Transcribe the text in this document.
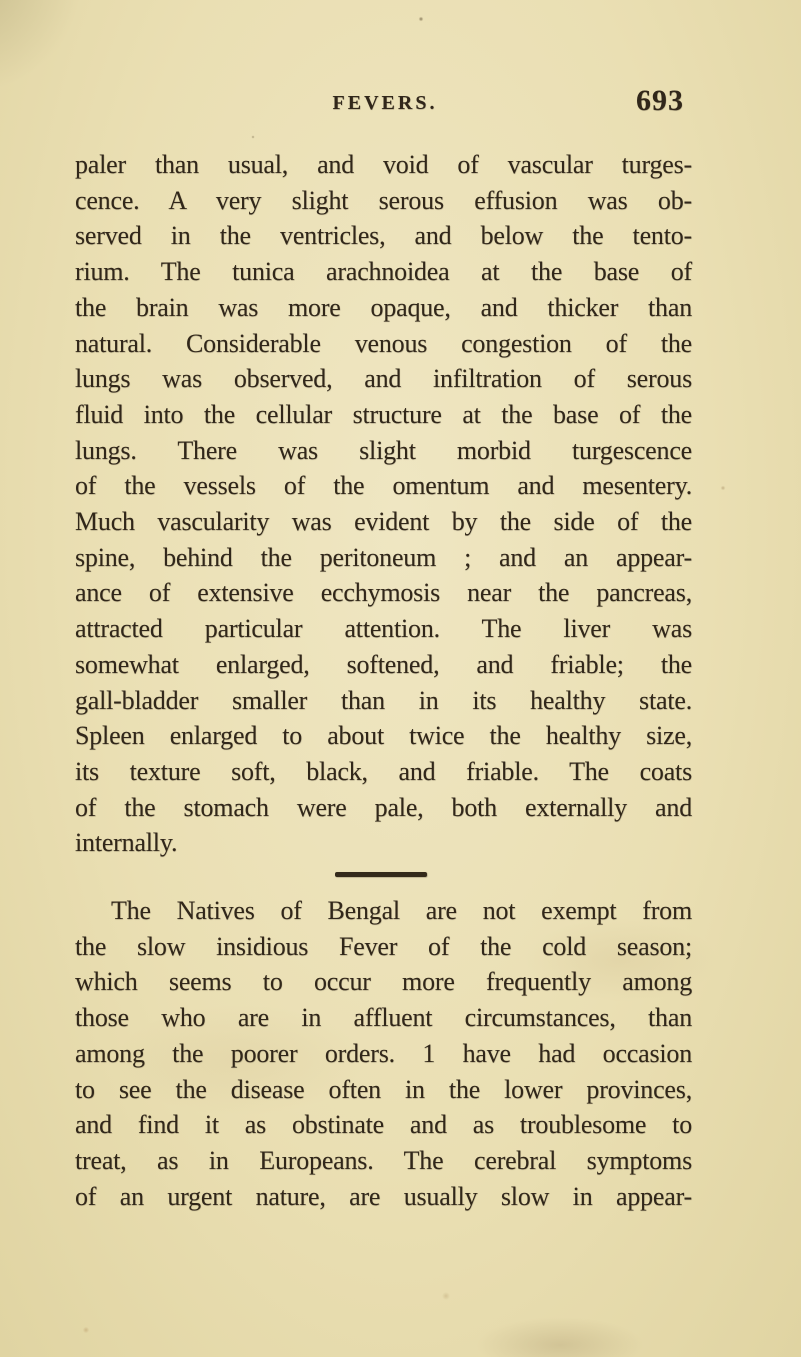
FEVERS.	693
paler than usual, and void of vascular turges-
cence. A very slight serous effusion was ob-
served in the ventricles, and below the tento-
rium. The tunica arachnoidea at the base of
the brain was more opaque, and thicker than
natural. Considerable venous congestion of the
lungs was observed, and infiltration of serous
fluid into the cellular structure at the base of the
lungs. There was slight morbid turgescence
of the vessels of the omentum and mesentery.
Much vascularity was evident by the side of the
spine, behind the peritoneum ; and an appear-
ance of extensive ecchymosis near the pancreas,
attracted particular attention. The liver was
somewhat enlarged, softened, and friable; the
gall-bladder smaller than in its healthy state.
Spleen enlarged to about twice the healthy size,
its texture soft, black, and friable. The coats
of the stomach were pale, both externally and
internally.
The Natives of Bengal are not exempt from
the slow insidious Fever of the cold season;
which seems to occur more frequently among
those who are in affluent circumstances, than
among the poorer orders. 1 have had occasion
to see the disease often in the lower provinces,
and find it as obstinate and as troublesome to
treat, as in Europeans. The cerebral symptoms
of an urgent nature, are usually slow in appear-
